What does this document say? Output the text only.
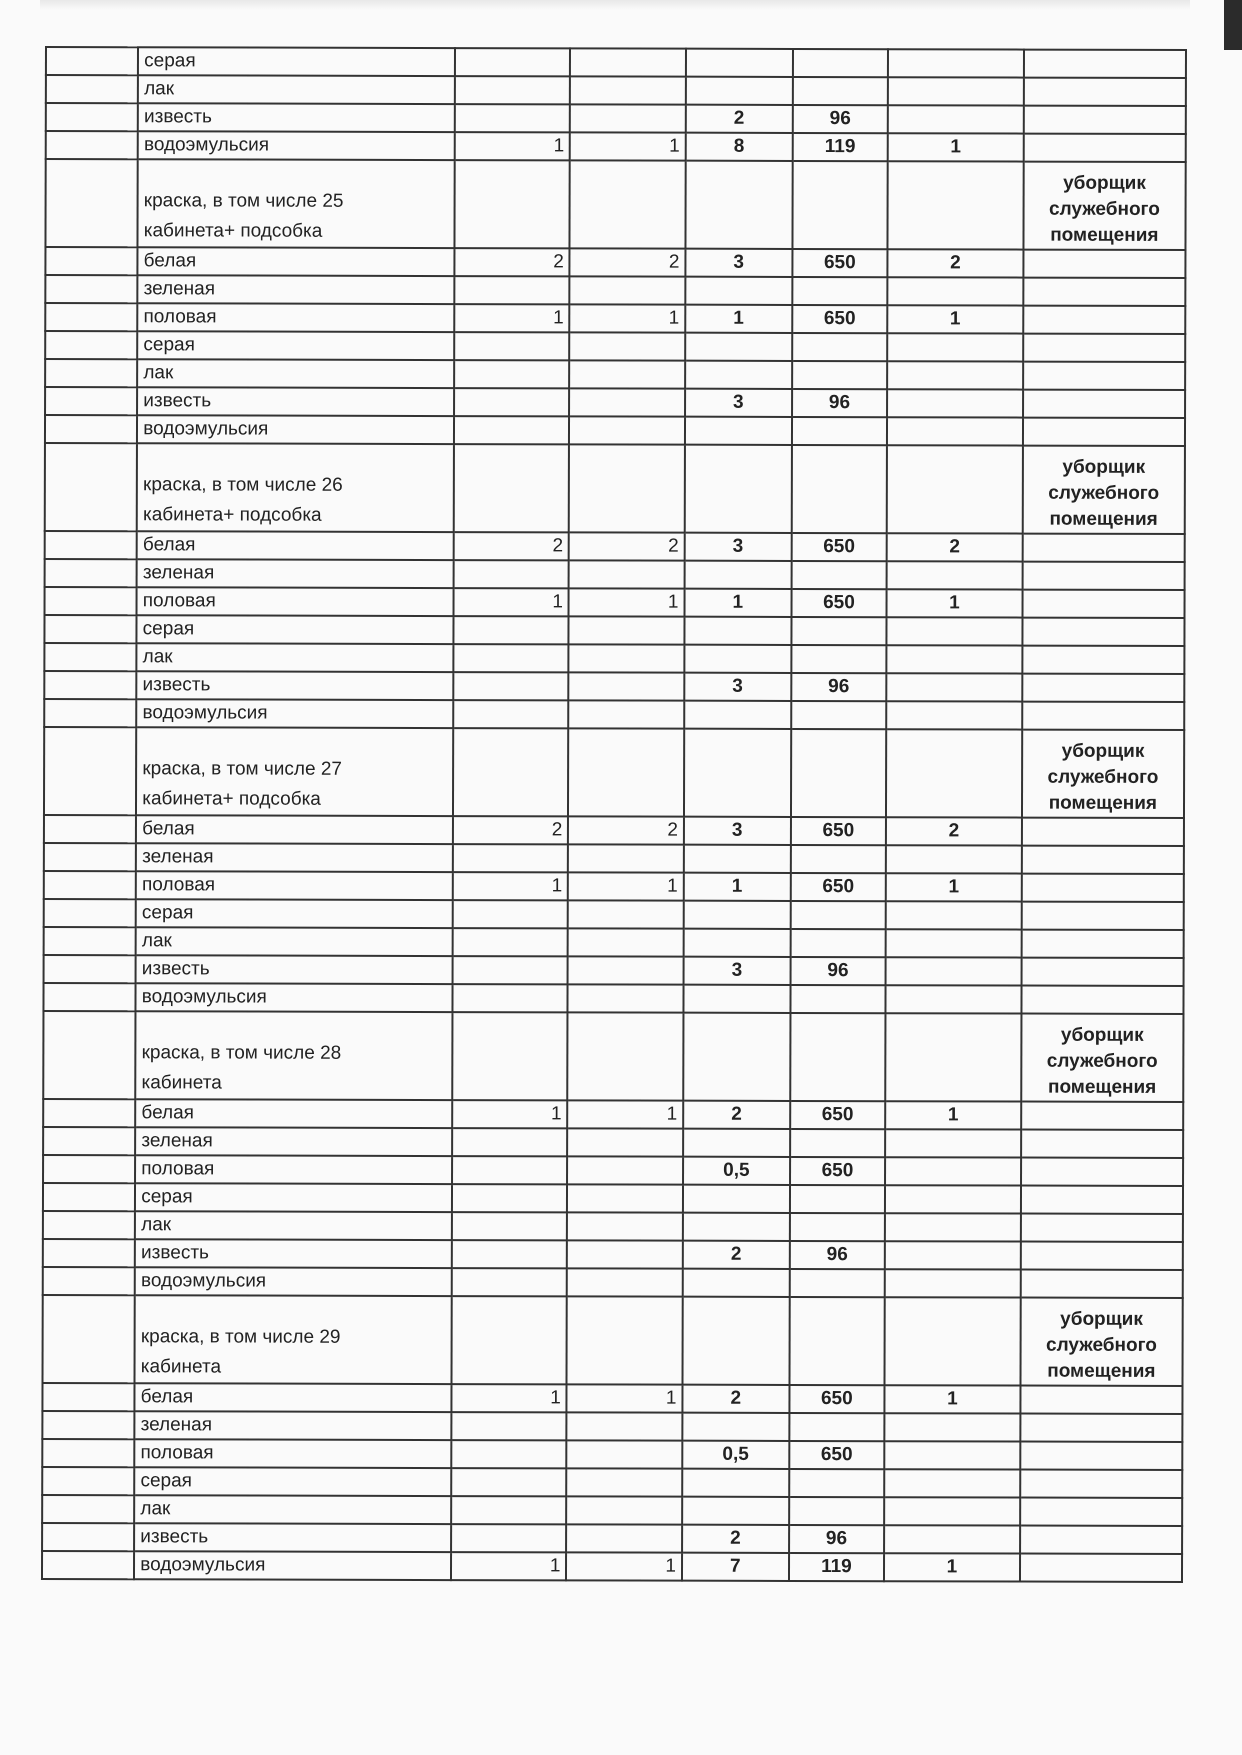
	серая						
	лак						
	известь			2	96		
	водоэмульсия	1	1	8	119	1	

	краска, в том числе 25
кабинета+ подсобка						уборщик
служебного
помещения

	белая	2	2	3	650	2	
	зеленая						
	половая	1	1	1	650	1	
	серая						
	лак						
	известь			3	96		
	водоэмульсия						

	краска, в том числе 26
кабинета+ подсобка						уборщик
служебного
помещения

	белая	2	2	3	650	2	
	зеленая						
	половая	1	1	1	650	1	
	серая						
	лак						
	известь			3	96		
	водоэмульсия						

	краска, в том числе 27
кабинета+ подсобка						уборщик
служебного
помещения

	белая	2	2	3	650	2	
	зеленая						
	половая	1	1	1	650	1	
	серая						
	лак						
	известь			3	96		
	водоэмульсия						

	краска, в том числе 28
кабинета						уборщик
служебного
помещения

	белая	1	1	2	650	1	
	зеленая						
	половая			0,5	650		
	серая						
	лак						
	известь			2	96		
	водоэмульсия						

	краска, в том числе 29
кабинета						уборщик
служебного
помещения

	белая	1	1	2	650	1	
	зеленая						
	половая			0,5	650		
	серая						
	лак						
	известь			2	96		
	водоэмульсия	1	1	7	119	1	
